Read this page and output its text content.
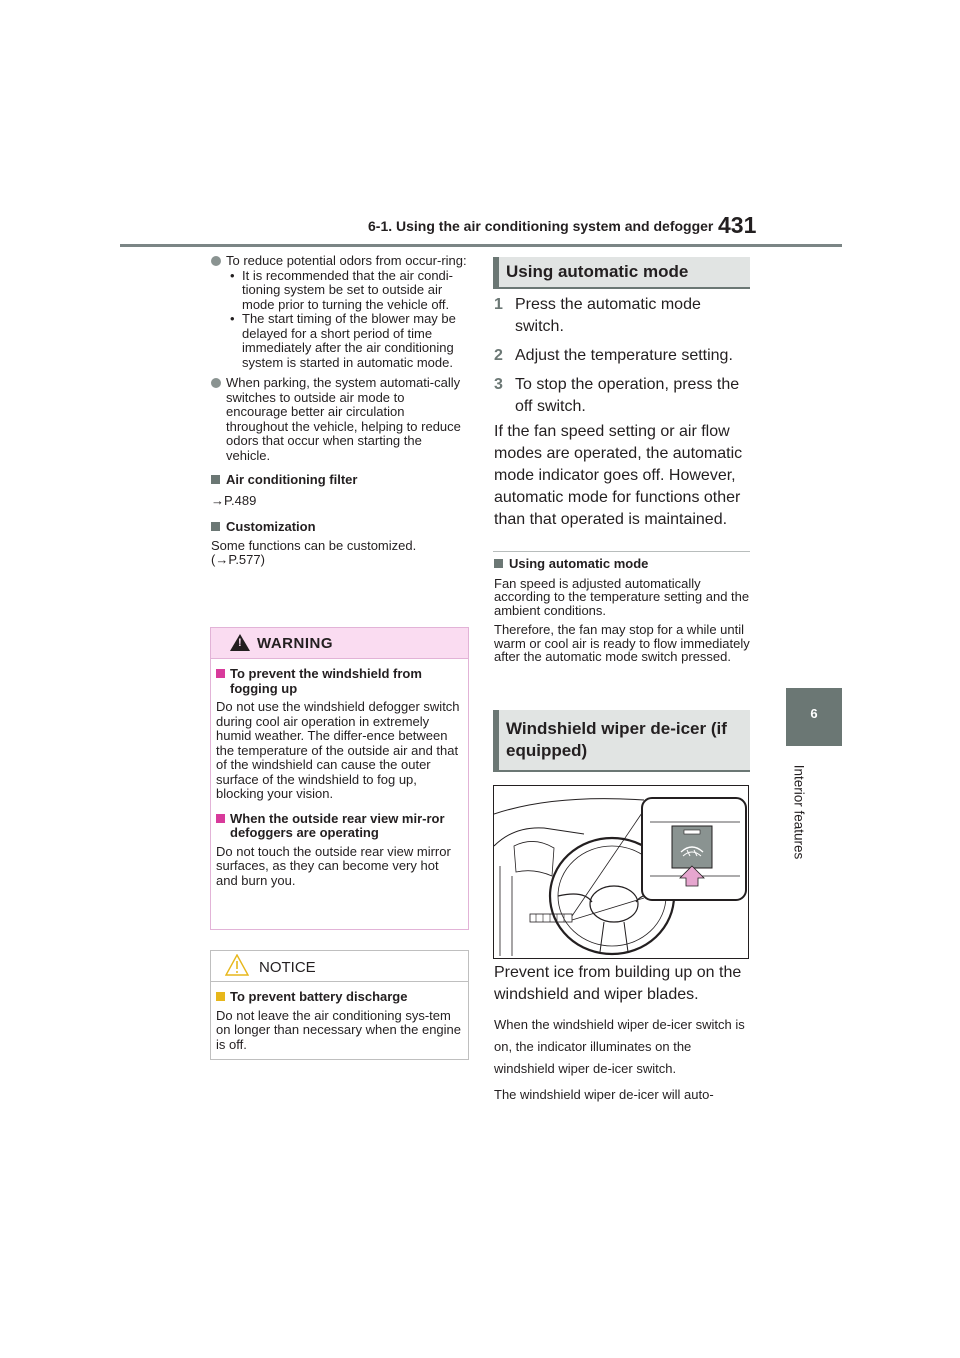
6-1. Using the air conditioning system and defogger 431
6
Interior features
To reduce potential odors from occur-ring:
• It is recommended that the air condi-tioning system be set to outside air mode prior to turning the vehicle off.
• The start timing of the blower may be delayed for a short period of time immediately after the air conditioning system is started in automatic mode.
When parking, the system automati-cally switches to outside air mode to encourage better air circulation throughout the vehicle, helping to reduce odors that occur when starting the vehicle.
Air conditioning filter
→P.489
Customization
Some functions can be customized. (→P.577)
! WARNING
To prevent the windshield from fogging up
Do not use the windshield defogger switch during cool air operation in extremely humid weather. The differ-ence between the temperature of the outside air and that of the windshield can cause the outer surface of the windshield to fog up, blocking your vision.
When the outside rear view mir-ror defoggers are operating
Do not touch the outside rear view mirror surfaces, as they can become very hot and burn you.
NOTICE
To prevent battery discharge
Do not leave the air conditioning sys-tem on longer than necessary when the engine is off.
Using automatic mode
1 Press the automatic mode switch.
2 Adjust the temperature setting.
3 To stop the operation, press the off switch.
If the fan speed setting or air flow modes are operated, the automatic mode indicator goes off. However, automatic mode for functions other than that operated is maintained.
Using automatic mode
Fan speed is adjusted automatically according to the temperature setting and the ambient conditions.
Therefore, the fan may stop for a while until warm or cool air is ready to flow immediately after the automatic mode switch pressed.
Windshield wiper de-icer (if equipped)
Prevent ice from building up on the windshield and wiper blades.
When the windshield wiper de-icer switch is on, the indicator illuminates on the windshield wiper de-icer switch.
The windshield wiper de-icer will auto-
